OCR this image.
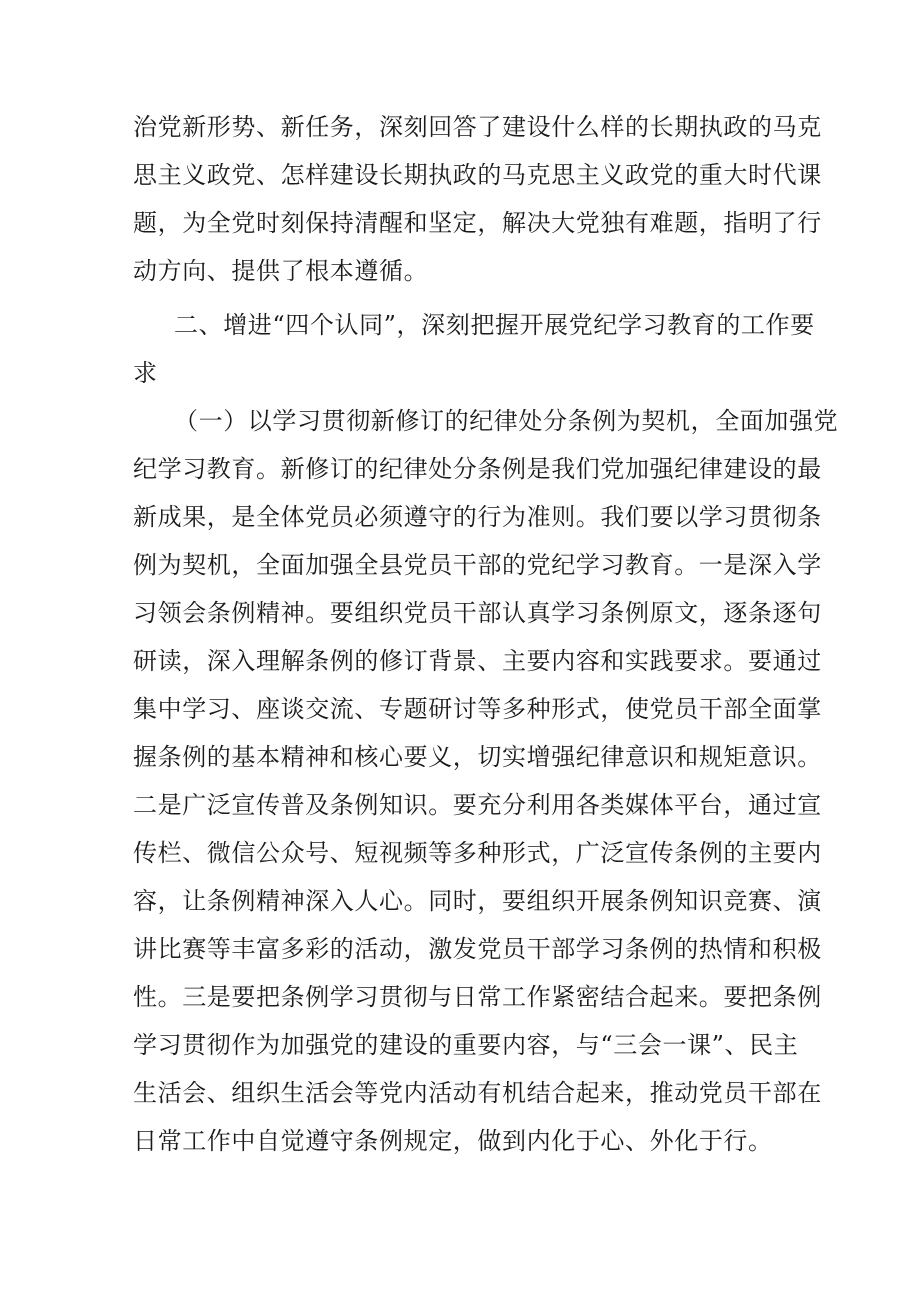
治党新形势、新任务，深刻回答了建设什么样的长期执政的马克
思主义政党、怎样建设长期执政的马克思主义政党的重大时代课
题，为全党时刻保持清醒和坚定，解决大党独有难题，指明了行
动方向、提供了根本遵循。
二、增进“四个认同”，深刻把握开展党纪学习教育的工作要
求
（一）以学习贯彻新修订的纪律处分条例为契机，全面加强党
纪学习教育。新修订的纪律处分条例是我们党加强纪律建设的最
新成果，是全体党员必须遵守的行为准则。我们要以学习贯彻条
例为契机，全面加强全县党员干部的党纪学习教育。一是深入学
习领会条例精神。要组织党员干部认真学习条例原文，逐条逐句
研读，深入理解条例的修订背景、主要内容和实践要求。要通过
集中学习、座谈交流、专题研讨等多种形式，使党员干部全面掌
握条例的基本精神和核心要义，切实增强纪律意识和规矩意识。
二是广泛宣传普及条例知识。要充分利用各类媒体平台，通过宣
传栏、微信公众号、短视频等多种形式，广泛宣传条例的主要内
容，让条例精神深入人心。同时，要组织开展条例知识竞赛、演
讲比赛等丰富多彩的活动，激发党员干部学习条例的热情和积极
性。三是要把条例学习贯彻与日常工作紧密结合起来。要把条例
学习贯彻作为加强党的建设的重要内容，与“三会一课”、民主
生活会、组织生活会等党内活动有机结合起来，推动党员干部在
日常工作中自觉遵守条例规定，做到内化于心、外化于行。
